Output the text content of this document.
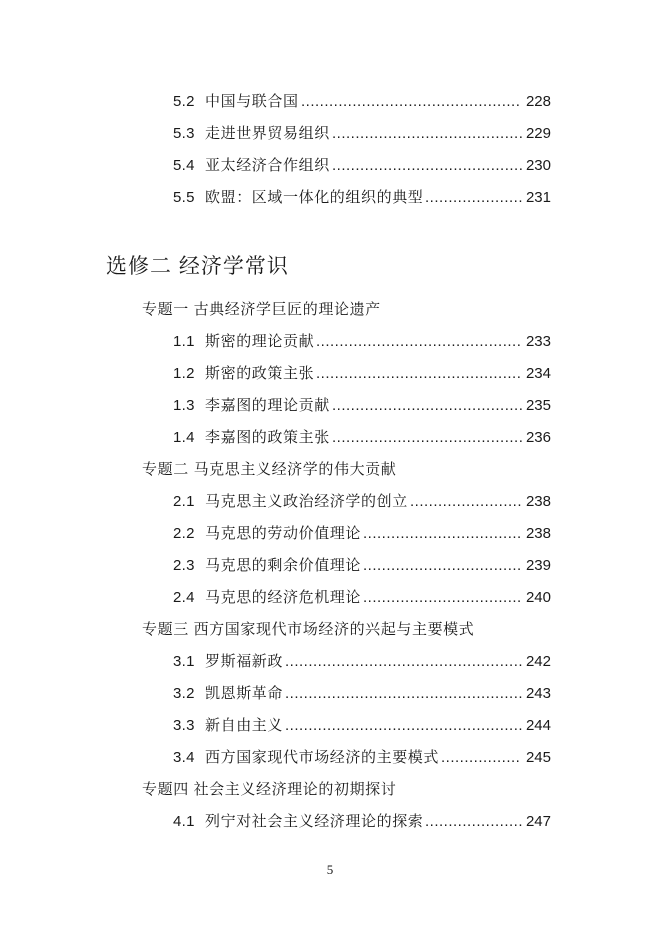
5.2 中国与联合国 ............................................... 228
5.3 走进世界贸易组织 ......................................... 229
5.4 亚太经济合作组织 ......................................... 230
5.5 欧盟：区域一体化的组织的典型 ..................... 231
选修二 经济学常识
专题一 古典经济学巨匠的理论遗产
1.1 斯密的理论贡献 ............................................ 233
1.2 斯密的政策主张 ............................................ 234
1.3 李嘉图的理论贡献 ......................................... 235
1.4 李嘉图的政策主张 ......................................... 236
专题二 马克思主义经济学的伟大贡献
2.1 马克思主义政治经济学的创立 ........................ 238
2.2 马克思的劳动价值理论 .................................. 238
2.3 马克思的剩余价值理论 .................................. 239
2.4 马克思的经济危机理论 .................................. 240
专题三 西方国家现代市场经济的兴起与主要模式
3.1 罗斯福新政 ................................................... 242
3.2 凯恩斯革命 ................................................... 243
3.3 新自由主义 ................................................... 244
3.4 西方国家现代市场经济的主要模式 ................. 245
专题四 社会主义经济理论的初期探讨
4.1 列宁对社会主义经济理论的探索 ..................... 247
5
